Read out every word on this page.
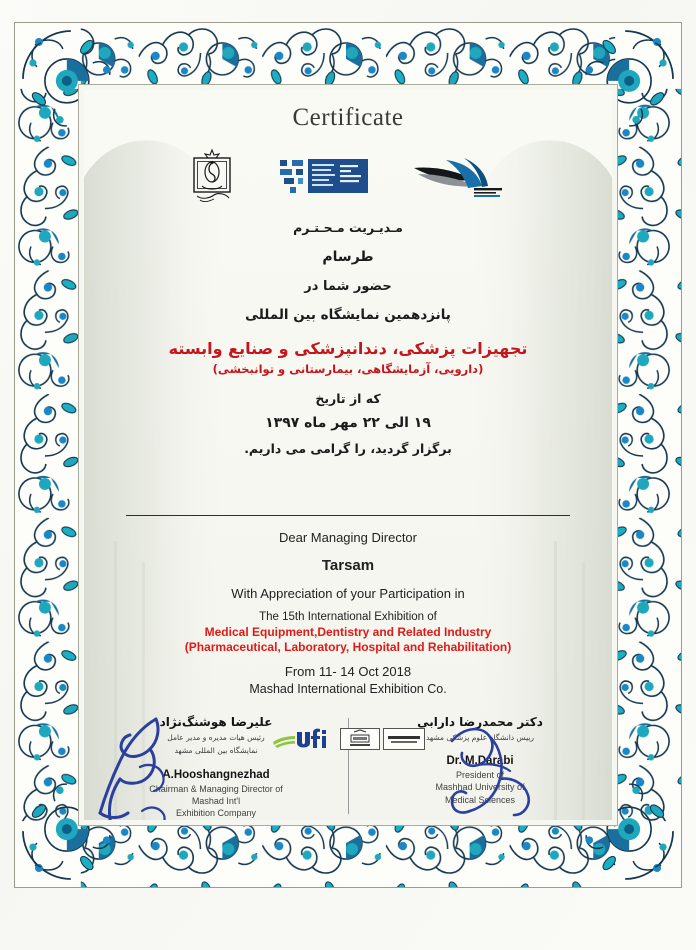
Certificate

مـدیـریت مـحـتـرم

طرسام

حضور شما در

پانزدهمین نمایشگاه بین المللی

تجهیزات پزشکی، دندانپزشکی و صنایع وابسته

(دارویی، آزمایشگاهی، بیمارستانی و توانبخشی)

که از تاریخ

۱۹ الی ۲۲ مهر ماه ۱۳۹۷

برگزار گردید، را گرامی می داریم.

Dear Managing Director

Tarsam

With Appreciation of your Participation in

The 15th International Exhibition of

Medical Equipment,Dentistry and Related Industry

(Pharmaceutical, Laboratory, Hospital and Rehabilitation)

From 11- 14 Oct 2018

Mashad International Exhibition Co.

علیرضا هوشنگ‌نژاد

رئیس هیات مدیره و مدیر عامل

نمایشگاه بین المللی مشهد

A.Hooshangnezhad

Chairman & Managing Director of

Mashad Int'l

Exhibition Company

دکتر محمدرضا دارابی

رییس دانشگاه علوم پزشکی مشهد

Dr. M.Darabi

President of

Mashhad University of

Medical Sciences
